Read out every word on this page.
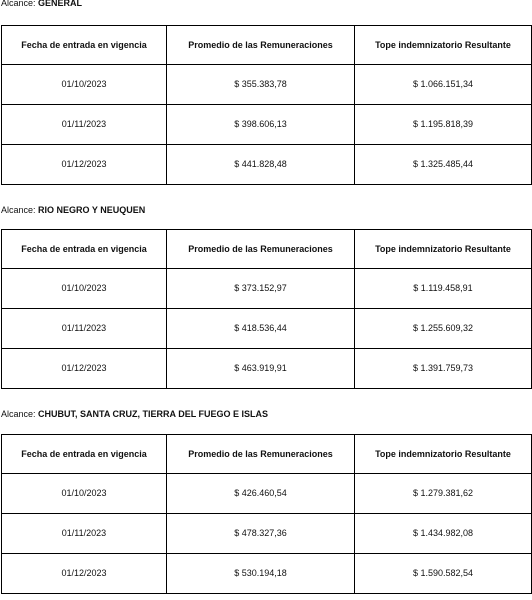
Alcance: GENERAL
Fecha de entrada en vigencia	Promedio de las Remuneraciones	Tope indemnizatorio Resultante
01/10/2023	$ 355.383,78	$ 1.066.151,34
01/11/2023	$ 398.606,13	$ 1.195.818,39
01/12/2023	$ 441.828,48	$ 1.325.485,44
Alcance: RIO NEGRO Y NEUQUEN
Fecha de entrada en vigencia	Promedio de las Remuneraciones	Tope indemnizatorio Resultante
01/10/2023	$ 373.152,97	$ 1.119.458,91
01/11/2023	$ 418.536,44	$ 1.255.609,32
01/12/2023	$ 463.919,91	$ 1.391.759,73
Alcance: CHUBUT, SANTA CRUZ, TIERRA DEL FUEGO E ISLAS
Fecha de entrada en vigencia	Promedio de las Remuneraciones	Tope indemnizatorio Resultante
01/10/2023	$ 426.460,54	$ 1.279.381,62
01/11/2023	$ 478.327,36	$ 1.434.982,08
01/12/2023	$ 530.194,18	$ 1.590.582,54
